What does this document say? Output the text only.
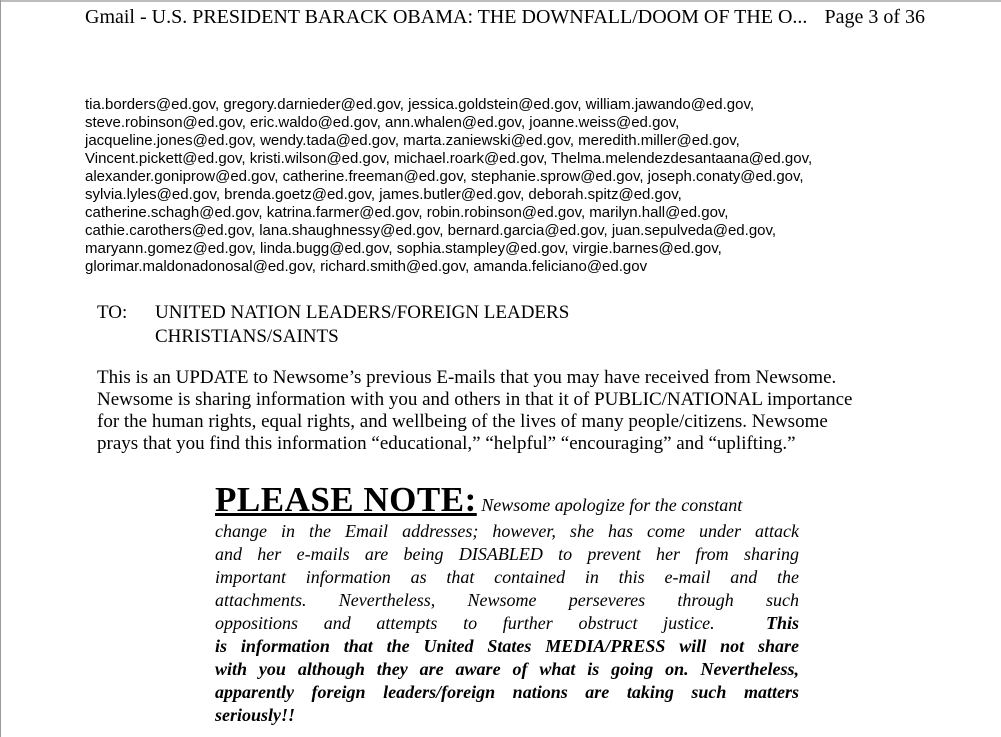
Gmail - U.S. PRESIDENT BARACK OBAMA: THE DOWNFALL/DOOM OF THE O... Page 3 of 36
tia.borders@ed.gov, gregory.darnieder@ed.gov, jessica.goldstein@ed.gov, william.jawando@ed.gov,
steve.robinson@ed.gov, eric.waldo@ed.gov, ann.whalen@ed.gov, joanne.weiss@ed.gov,
jacqueline.jones@ed.gov, wendy.tada@ed.gov, marta.zaniewski@ed.gov, meredith.miller@ed.gov,
Vincent.pickett@ed.gov, kristi.wilson@ed.gov, michael.roark@ed.gov, Thelma.melendezdesantaana@ed.gov,
alexander.goniprow@ed.gov, catherine.freeman@ed.gov, stephanie.sprow@ed.gov, joseph.conaty@ed.gov,
sylvia.lyles@ed.gov, brenda.goetz@ed.gov, james.butler@ed.gov, deborah.spitz@ed.gov,
catherine.schagh@ed.gov, katrina.farmer@ed.gov, robin.robinson@ed.gov, marilyn.hall@ed.gov,
cathie.carothers@ed.gov, lana.shaughnessy@ed.gov, bernard.garcia@ed.gov, juan.sepulveda@ed.gov,
maryann.gomez@ed.gov, linda.bugg@ed.gov, sophia.stampley@ed.gov, virgie.barnes@ed.gov,
glorimar.maldonadonosal@ed.gov, richard.smith@ed.gov, amanda.feliciano@ed.gov
TO:	UNITED NATION LEADERS/FOREIGN LEADERS
CHRISTIANS/SAINTS
This is an UPDATE to Newsome’s previous E-mails that you may have received from Newsome.
Newsome is sharing information with you and others in that it of PUBLIC/NATIONAL importance
for the human rights, equal rights, and wellbeing of the lives of many people/citizens. Newsome
prays that you find this information “educational,” “helpful” “encouraging” and “uplifting.”
PLEASE NOTE: Newsome apologize for the constant
change in the Email addresses; however, she has come under attack
and her e-mails are being DISABLED to prevent her from sharing
important information as that contained in this e-mail and the
attachments. Nevertheless, Newsome perseveres through such
oppositions and attempts to further obstruct justice.	This
is information that the United States MEDIA/PRESS will not share
with you although they are aware of what is going on. Nevertheless,
apparently foreign leaders/foreign nations are taking such matters
seriously!!
